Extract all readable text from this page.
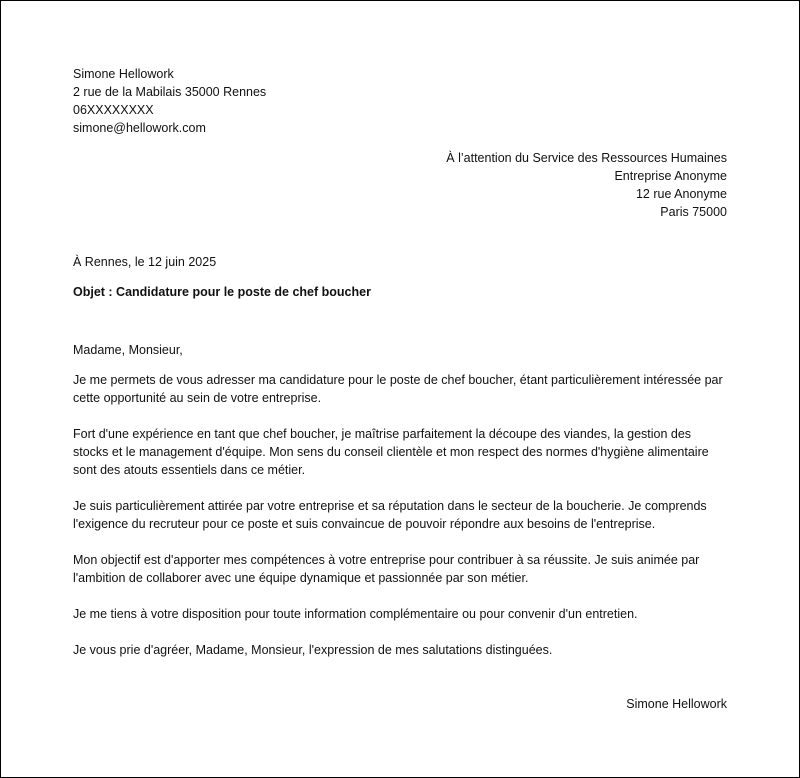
Simone Hellowork
2 rue de la Mabilais 35000 Rennes
06XXXXXXXX
simone@hellowork.com
À l’attention du Service des Ressources Humaines
Entreprise Anonyme
12 rue Anonyme
Paris 75000
À Rennes, le 12 juin 2025
Objet : Candidature pour le poste de chef boucher

Madame, Monsieur,

Je me permets de vous adresser ma candidature pour le poste de chef boucher, étant particulièrement intéressée par cette opportunité au sein de votre entreprise.

Fort d'une expérience en tant que chef boucher, je maîtrise parfaitement la découpe des viandes, la gestion des stocks et le management d'équipe. Mon sens du conseil clientèle et mon respect des normes d'hygiène alimentaire sont des atouts essentiels dans ce métier.

Je suis particulièrement attirée par votre entreprise et sa réputation dans le secteur de la boucherie. Je comprends l'exigence du recruteur pour ce poste et suis convaincue de pouvoir répondre aux besoins de l'entreprise.

Mon objectif est d'apporter mes compétences à votre entreprise pour contribuer à sa réussite. Je suis animée par l'ambition de collaborer avec une équipe dynamique et passionnée par son métier.

Je me tiens à votre disposition pour toute information complémentaire ou pour convenir d'un entretien.

Je vous prie d'agréer, Madame, Monsieur, l'expression de mes salutations distinguées.

Simone Hellowork
